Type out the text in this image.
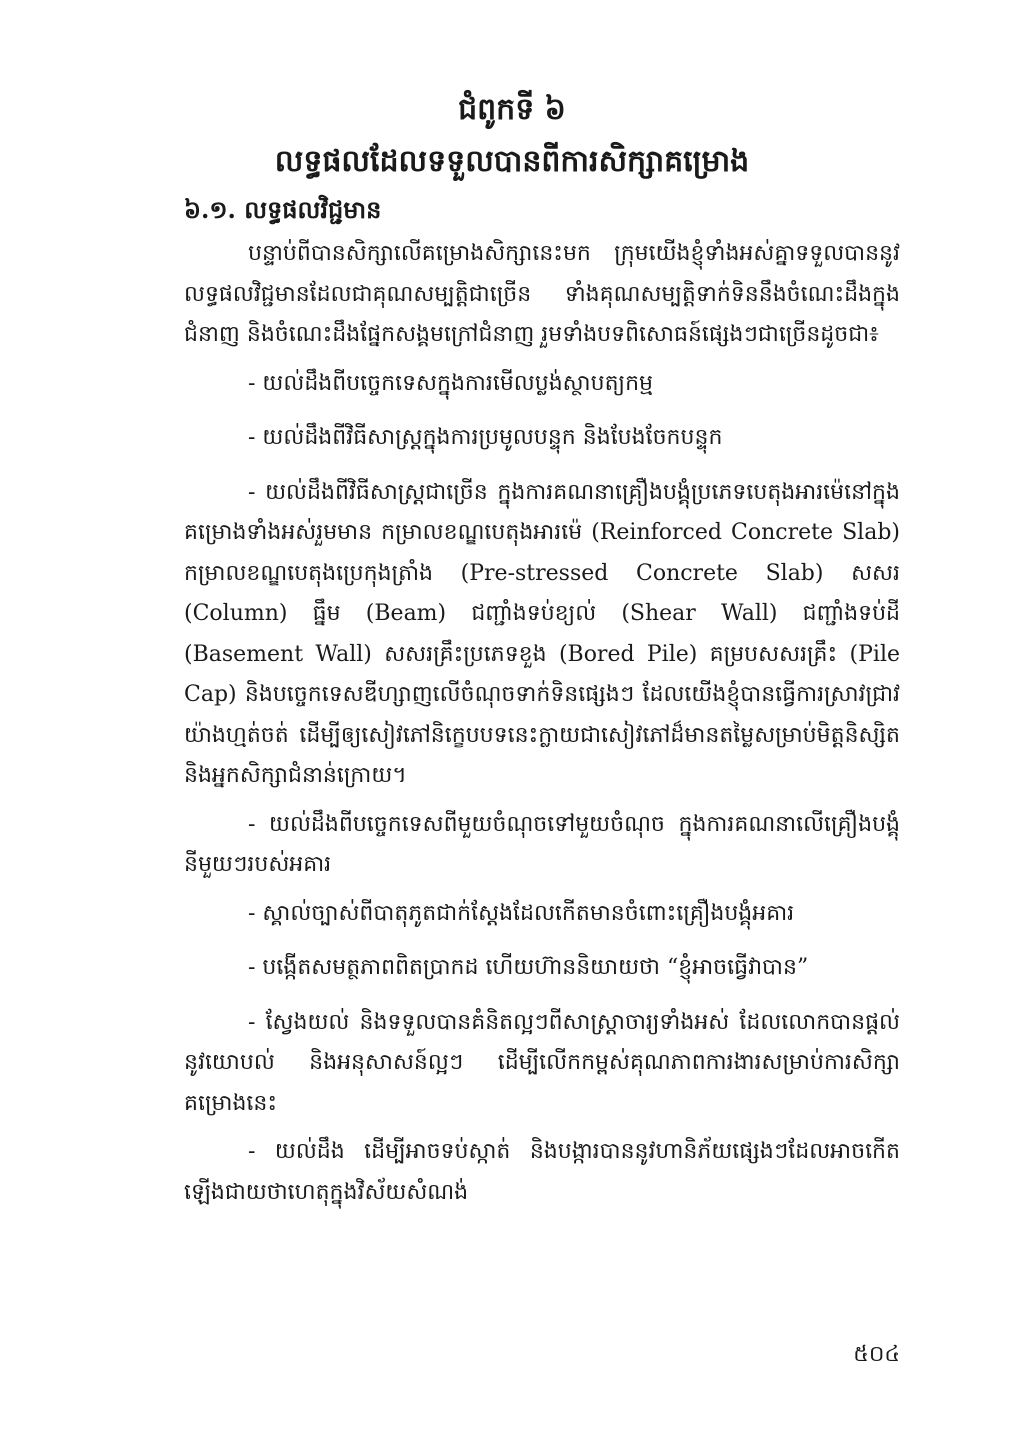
ជំពូកទី ៦
លទ្ធផលដែលទទួលបានពីការសិក្សាគម្រោង
៦.១. លទ្ធផលវិជ្ជមាន

បន្ទាប់ពីបានសិក្សាលើគម្រោងសិក្សានេះមក ក្រុមយើងខ្ញុំទាំងអស់គ្នាទទួលបាននូវលទ្ធផលវិជ្ជមានដែលជាគុណសម្បត្តិជាច្រើន ទាំងគុណសម្បត្តិទាក់ទិននឹងចំណេះដឹងក្នុងជំនាញ និងចំណេះដឹងផ្នែកសង្គមក្រៅជំនាញ រួមទាំងបទពិសោធន៍ផ្សេងៗជាច្រើនដូចជា៖

- យល់ដឹងពីបច្ចេកទេសក្នុងការមើលប្លង់ស្ថាបត្យកម្ម

- យល់ដឹងពីវិធីសាស្ត្រក្នុងការប្រមូលបន្ទុក និងបែងចែកបន្ទុក

- យល់ដឹងពីវិធីសាស្ត្រជាច្រើន ក្នុងការគណនាគ្រឿងបង្គុំប្រភេទបេតុងអារម៉េនៅក្នុងគម្រោងទាំងអស់រួមមាន កម្រាលខណ្ឌបេតុងអារម៉េ (Reinforced Concrete Slab) កម្រាលខណ្ឌបេតុងប្រេកុងត្រាំង (Pre-stressed Concrete Slab) សសរ (Column) ធ្នឹម (Beam) ជញ្ជាំងទប់ខ្យល់ (Shear Wall) ជញ្ជាំងទប់ដី (Basement Wall) សសរគ្រឹះប្រភេទខួង (Bored Pile) គម្របសសរគ្រឹះ (Pile Cap) និងបច្ចេកទេសឌីហ្សាញលើចំណុចទាក់ទិនផ្សេងៗ ដែលយើងខ្ញុំបានធ្វើការស្រាវជ្រាវយ៉ាងហ្មត់ចត់ ដើម្បីឲ្យសៀវភៅនិក្ខេបបទនេះក្លាយជាសៀវភៅដ៏មានតម្លៃសម្រាប់មិត្តនិស្សិត និងអ្នកសិក្សាជំនាន់ក្រោយ។

- យល់ដឹងពីបច្ចេកទេសពីមួយចំណុចទៅមួយចំណុច ក្នុងការគណនាលើគ្រឿងបង្គុំនីមួយៗរបស់អគារ

- ស្គាល់ច្បាស់ពីបាតុភូតជាក់ស្តែងដែលកើតមានចំពោះគ្រឿងបង្គុំអគារ

- បង្កើតសមត្ថភាពពិតប្រាកដ ហើយហ៊ាននិយាយថា “ខ្ញុំអាចធ្វើវាបាន”

- ស្វែងយល់ និងទទួលបានគំនិតល្អៗពីសាស្ត្រាចារ្យទាំងអស់ ដែលលោកបានផ្តល់នូវយោបល់ និងអនុសាសន៍ល្អៗ ដើម្បីលើកកម្ពស់គុណភាពការងារសម្រាប់ការសិក្សាគម្រោងនេះ

- យល់ដឹង ដើម្បីអាចទប់ស្កាត់ និងបង្ការបាននូវហានិភ័យផ្សេងៗដែលអាចកើតឡើងជាយថាហេតុក្នុងវិស័យសំណង់

៥០៤
